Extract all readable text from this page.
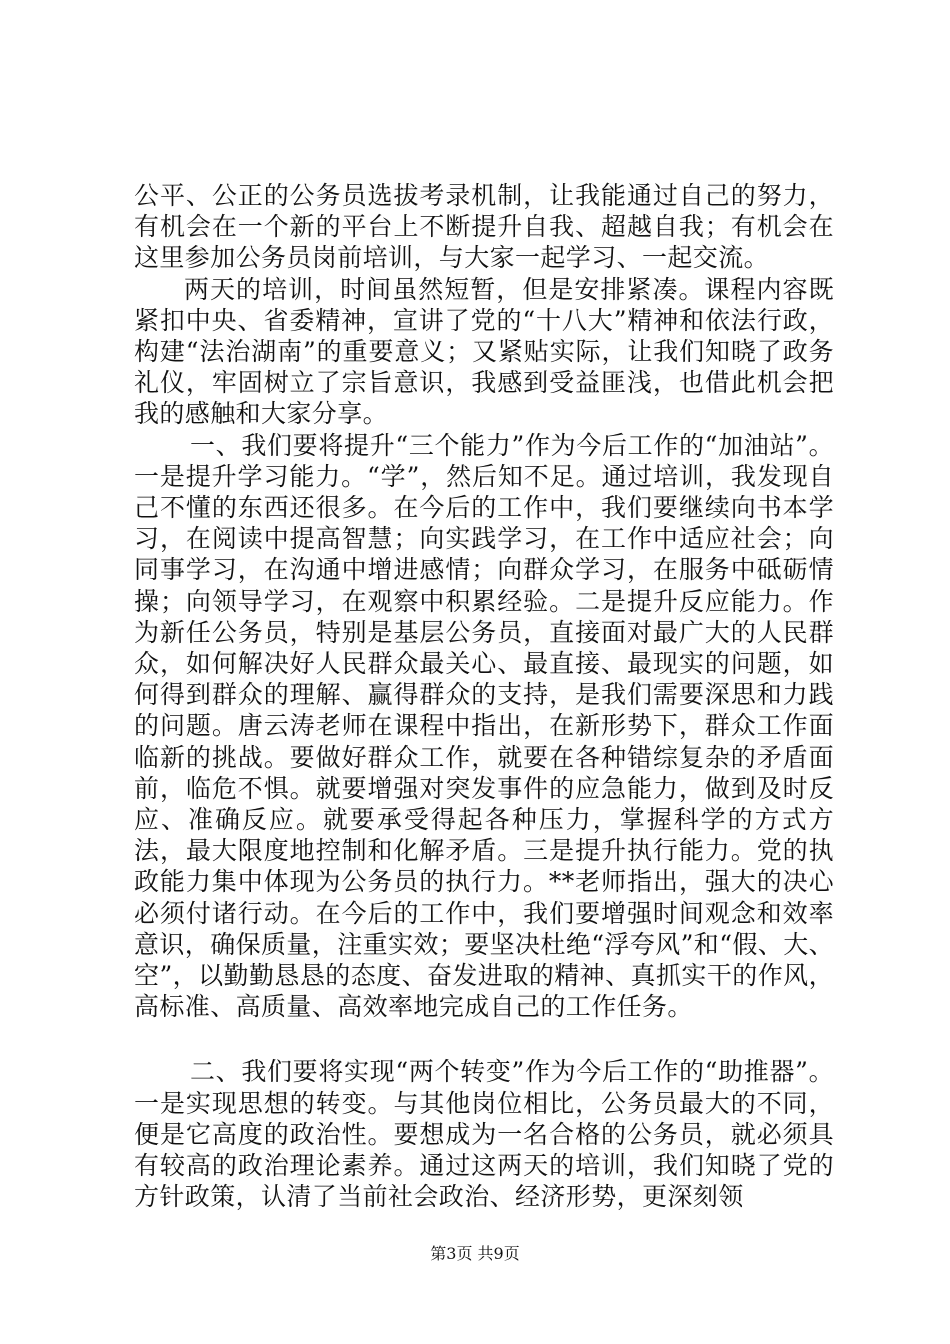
公平、公正的公务员选拔考录机制，让我能通过自己的努力，有机会在一个新的平台上不断提升自我、超越自我；有机会在这里参加公务员岗前培训，与大家一起学习、一起交流。

两天的培训，时间虽然短暂，但是安排紧凑。课程内容既紧扣中央、省委精神，宣讲了党的“十八大”精神和依法行政，构建“法治湖南”的重要意义；又紧贴实际，让我们知晓了政务礼仪，牢固树立了宗旨意识，我感到受益匪浅，也借此机会把我的感触和大家分享。

一、我们要将提升“三个能力”作为今后工作的“加油站”。一是提升学习能力。“学”，然后知不足。通过培训，我发现自己不懂的东西还很多。在今后的工作中，我们要继续向书本学习，在阅读中提高智慧；向实践学习，在工作中适应社会；向同事学习，在沟通中增进感情；向群众学习，在服务中砥砺情操；向领导学习，在观察中积累经验。二是提升反应能力。作为新任公务员，特别是基层公务员，直接面对最广大的人民群众，如何解决好人民群众最关心、最直接、最现实的问题，如何得到群众的理解、赢得群众的支持，是我们需要深思和力践的问题。唐云涛老师在课程中指出，在新形势下，群众工作面临新的挑战。要做好群众工作，就要在各种错综复杂的矛盾面前，临危不惧。就要增强对突发事件的应急能力，做到及时反应、准确反应。就要承受得起各种压力，掌握科学的方式方法，最大限度地控制和化解矛盾。三是提升执行能力。党的执政能力集中体现为公务员的执行力。**老师指出，强大的决心必须付诸行动。在今后的工作中，我们要增强时间观念和效率意识，确保质量，注重实效；要坚决杜绝“浮夸风”和“假、大、空”，以勤勤恳恳的态度、奋发进取的精神、真抓实干的作风，高标准、高质量、高效率地完成自己的工作任务。

二、我们要将实现“两个转变”作为今后工作的“助推器”。一是实现思想的转变。与其他岗位相比，公务员最大的不同，便是它高度的政治性。要想成为一名合格的公务员，就必须具有较高的政治理论素养。通过这两天的培训，我们知晓了党的方针政策，认清了当前社会政治、经济形势，更深刻领

第3页 共9页
